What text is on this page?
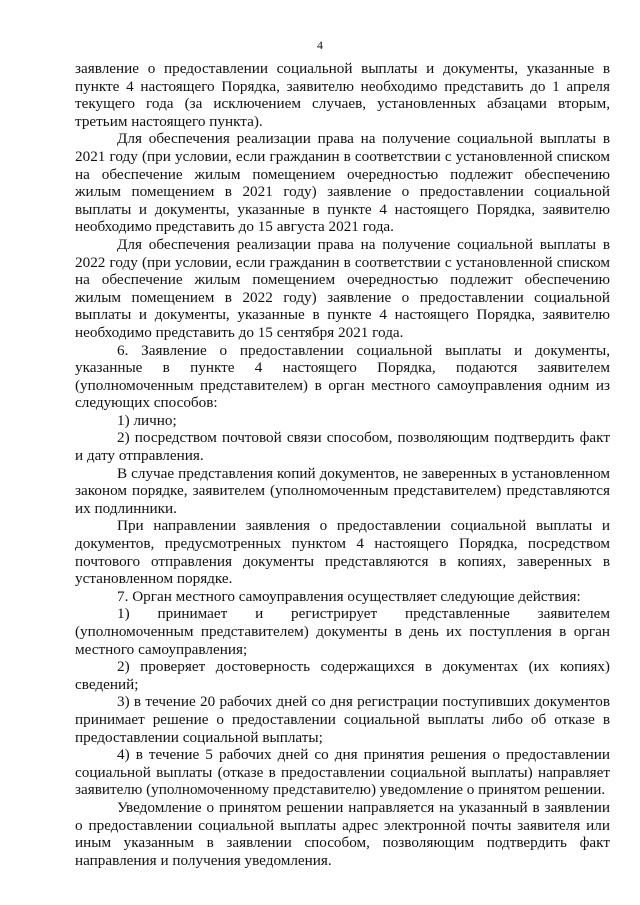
4

заявление о предоставлении социальной выплаты и документы, указанные в пункте 4 настоящего Порядка, заявителю необходимо представить до 1 апреля текущего года (за исключением случаев, установленных абзацами вторым, третьим настоящего пункта).

Для обеспечения реализации права на получение социальной выплаты в 2021 году (при условии, если гражданин в соответствии с установленной списком на обеспечение жилым помещением очередностью подлежит обеспечению жилым помещением в 2021 году) заявление о предоставлении социальной выплаты и документы, указанные в пункте 4 настоящего Порядка, заявителю необходимо представить до 15 августа 2021 года.

Для обеспечения реализации права на получение социальной выплаты в 2022 году (при условии, если гражданин в соответствии с установленной списком на обеспечение жилым помещением очередностью подлежит обеспечению жилым помещением в 2022 году) заявление о предоставлении социальной выплаты и документы, указанные в пункте 4 настоящего Порядка, заявителю необходимо представить до 15 сентября 2021 года.

6. Заявление о предоставлении социальной выплаты и документы, указанные в пункте 4 настоящего Порядка, подаются заявителем (уполномоченным представителем) в орган местного самоуправления одним из следующих способов:

1) лично;

2) посредством почтовой связи способом, позволяющим подтвердить факт и дату отправления.

В случае представления копий документов, не заверенных в установленном законом порядке, заявителем (уполномоченным представителем) представляются их подлинники.

При направлении заявления о предоставлении социальной выплаты и документов, предусмотренных пунктом 4 настоящего Порядка, посредством почтового отправления документы представляются в копиях, заверенных в установленном порядке.

7. Орган местного самоуправления осуществляет следующие действия:

1) принимает и регистрирует представленные заявителем (уполномоченным представителем) документы в день их поступления в орган местного самоуправления;

2) проверяет достоверность содержащихся в документах (их копиях) сведений;

3) в течение 20 рабочих дней со дня регистрации поступивших документов принимает решение о предоставлении социальной выплаты либо об отказе в предоставлении социальной выплаты;

4) в течение 5 рабочих дней со дня принятия решения о предоставлении социальной выплаты (отказе в предоставлении социальной выплаты) направляет заявителю (уполномоченному представителю) уведомление о принятом решении.

Уведомление о принятом решении направляется на указанный в заявлении о предоставлении социальной выплаты адрес электронной почты заявителя или иным указанным в заявлении способом, позволяющим подтвердить факт направления и получения уведомления.
